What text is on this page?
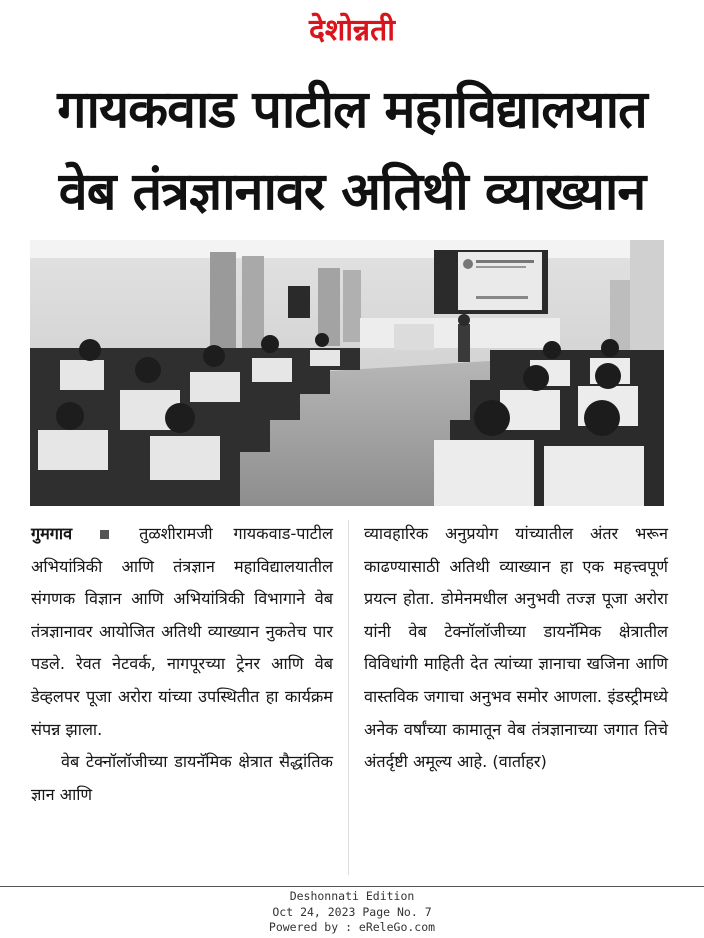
देशोन्नती
गायकवाड पाटील महाविद्यालयात
वेब तंत्रज्ञानावर अतिथी व्याख्यान

गुमगाव	तुळशीरामजी गायकवाड-पाटील अभियांत्रिकी आणि तंत्रज्ञान महाविद्यालयातील संगणक विज्ञान आणि अभियांत्रिकी विभागाने वेब तंत्रज्ञानावर आयोजित अतिथी व्याख्यान नुकतेच पार पडले. रेवत नेटवर्क, नागपूरच्या ट्रेनर आणि वेब डेव्हलपर पूजा अरोरा यांच्या उपस्थितीत हा कार्यक्रम संपन्न झाला.

वेब टेक्नॉलॉजीच्या डायनॅमिक क्षेत्रात सैद्धांतिक ज्ञान आणि

व्यावहारिक अनुप्रयोग यांच्यातील अंतर भरून काढण्यासाठी अतिथी व्याख्यान हा एक महत्त्वपूर्ण प्रयत्न होता. डोमेनमधील अनुभवी तज्ज्ञ पूजा अरोरा यांनी वेब टेक्नॉलॉजीच्या डायनॅमिक क्षेत्रातील विविधांगी माहिती देत त्यांच्या ज्ञानाचा खजिना आणि वास्तविक जगाचा अनुभव समोर आणला. इंडस्ट्रीमध्ये अनेक वर्षांच्या कामातून वेब तंत्रज्ञानाच्या जगात तिचे अंतर्दृष्टी अमूल्य आहे. (वार्ताहर)

Deshonnati Edition
Oct 24, 2023 Page No. 7
Powered by : eReleGo.com
